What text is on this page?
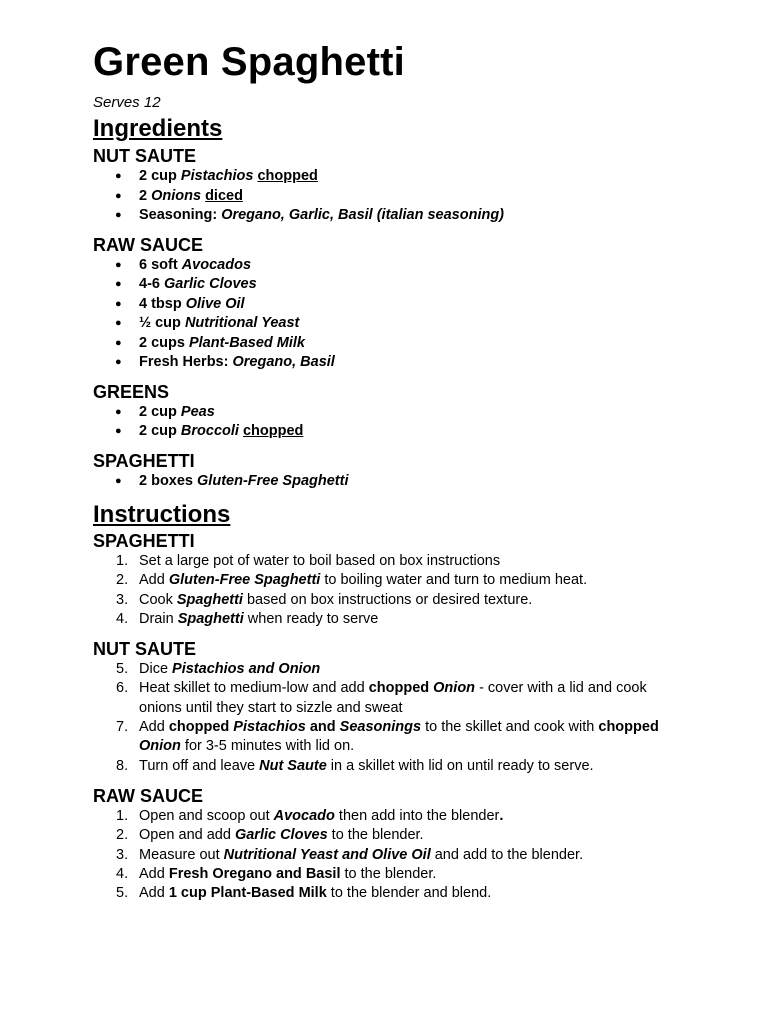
Green Spaghetti
Serves 12
Ingredients
NUT SAUTE
● 2 cup Pistachios chopped
● 2 Onions diced
● Seasoning: Oregano, Garlic, Basil (italian seasoning)
RAW SAUCE
● 6 soft Avocados
● 4-6 Garlic Cloves
● 4 tbsp Olive Oil
● ½ cup Nutritional Yeast
● 2 cups Plant-Based Milk
● Fresh Herbs: Oregano, Basil
GREENS
● 2 cup Peas
● 2 cup Broccoli chopped
SPAGHETTI
● 2 boxes Gluten-Free Spaghetti
Instructions
SPAGHETTI
1. Set a large pot of water to boil based on box instructions
2. Add Gluten-Free Spaghetti to boiling water and turn to medium heat.
3. Cook Spaghetti based on box instructions or desired texture.
4. Drain Spaghetti when ready to serve
NUT SAUTE
5. Dice Pistachios and Onion
6. Heat skillet to medium-low and add chopped Onion - cover with a lid and cook onions until they start to sizzle and sweat
7. Add chopped Pistachios and Seasonings to the skillet and cook with chopped Onion for 3-5 minutes with lid on.
8. Turn off and leave Nut Saute in a skillet with lid on until ready to serve.
RAW SAUCE
1. Open and scoop out Avocado then add into the blender.
2. Open and add Garlic Cloves to the blender.
3. Measure out Nutritional Yeast and Olive Oil and add to the blender.
4. Add Fresh Oregano and Basil to the blender.
5. Add 1 cup Plant-Based Milk to the blender and blend.
